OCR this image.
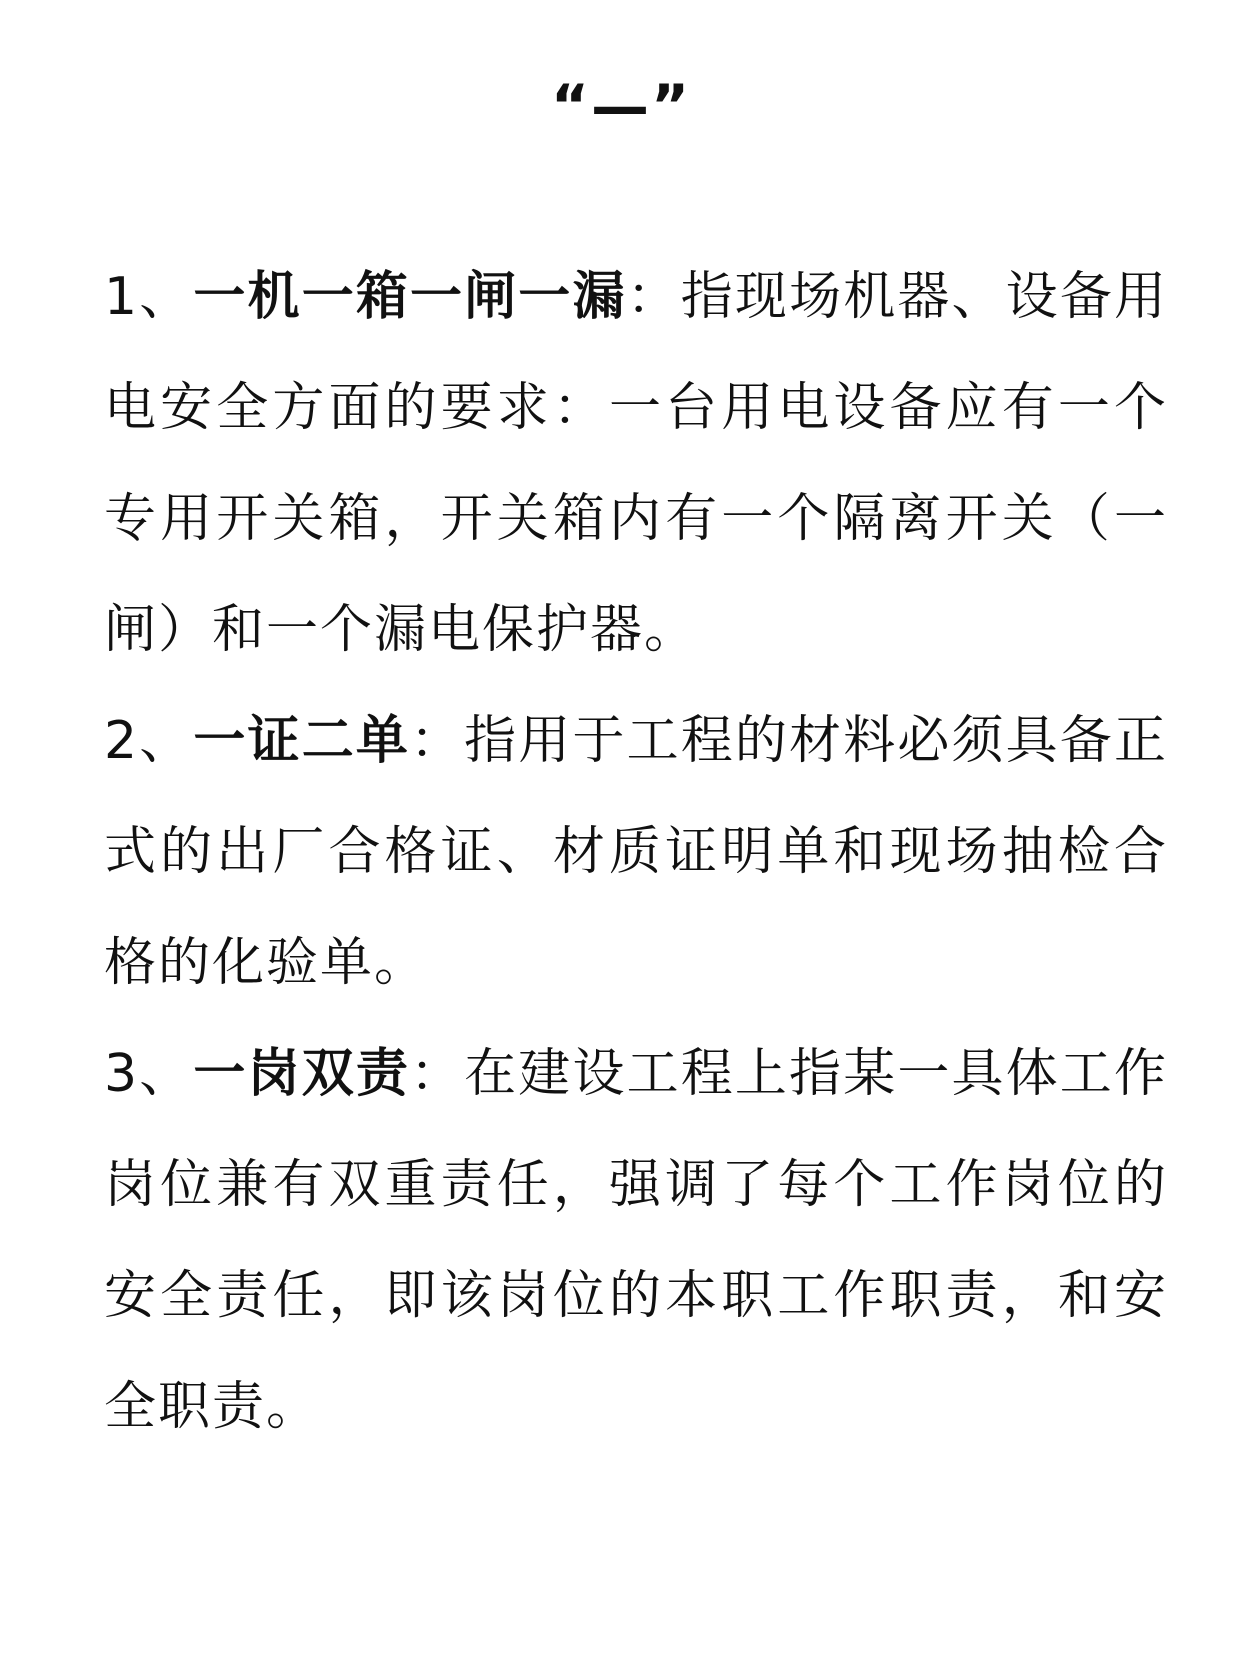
“—”

1、一机一箱一闸一漏：指现场机器、设备用电安全方面的要求：一台用电设备应有一个专用开关箱，开关箱内有一个隔离开关（一闸）和一个漏电保护器。

2、一证二单：指用于工程的材料必须具备正式的出厂合格证、材质证明单和现场抽检合格的化验单。

3、一岗双责：在建设工程上指某一具体工作岗位兼有双重责任，强调了每个工作岗位的安全责任，即该岗位的本职工作职责，和安全职责。
